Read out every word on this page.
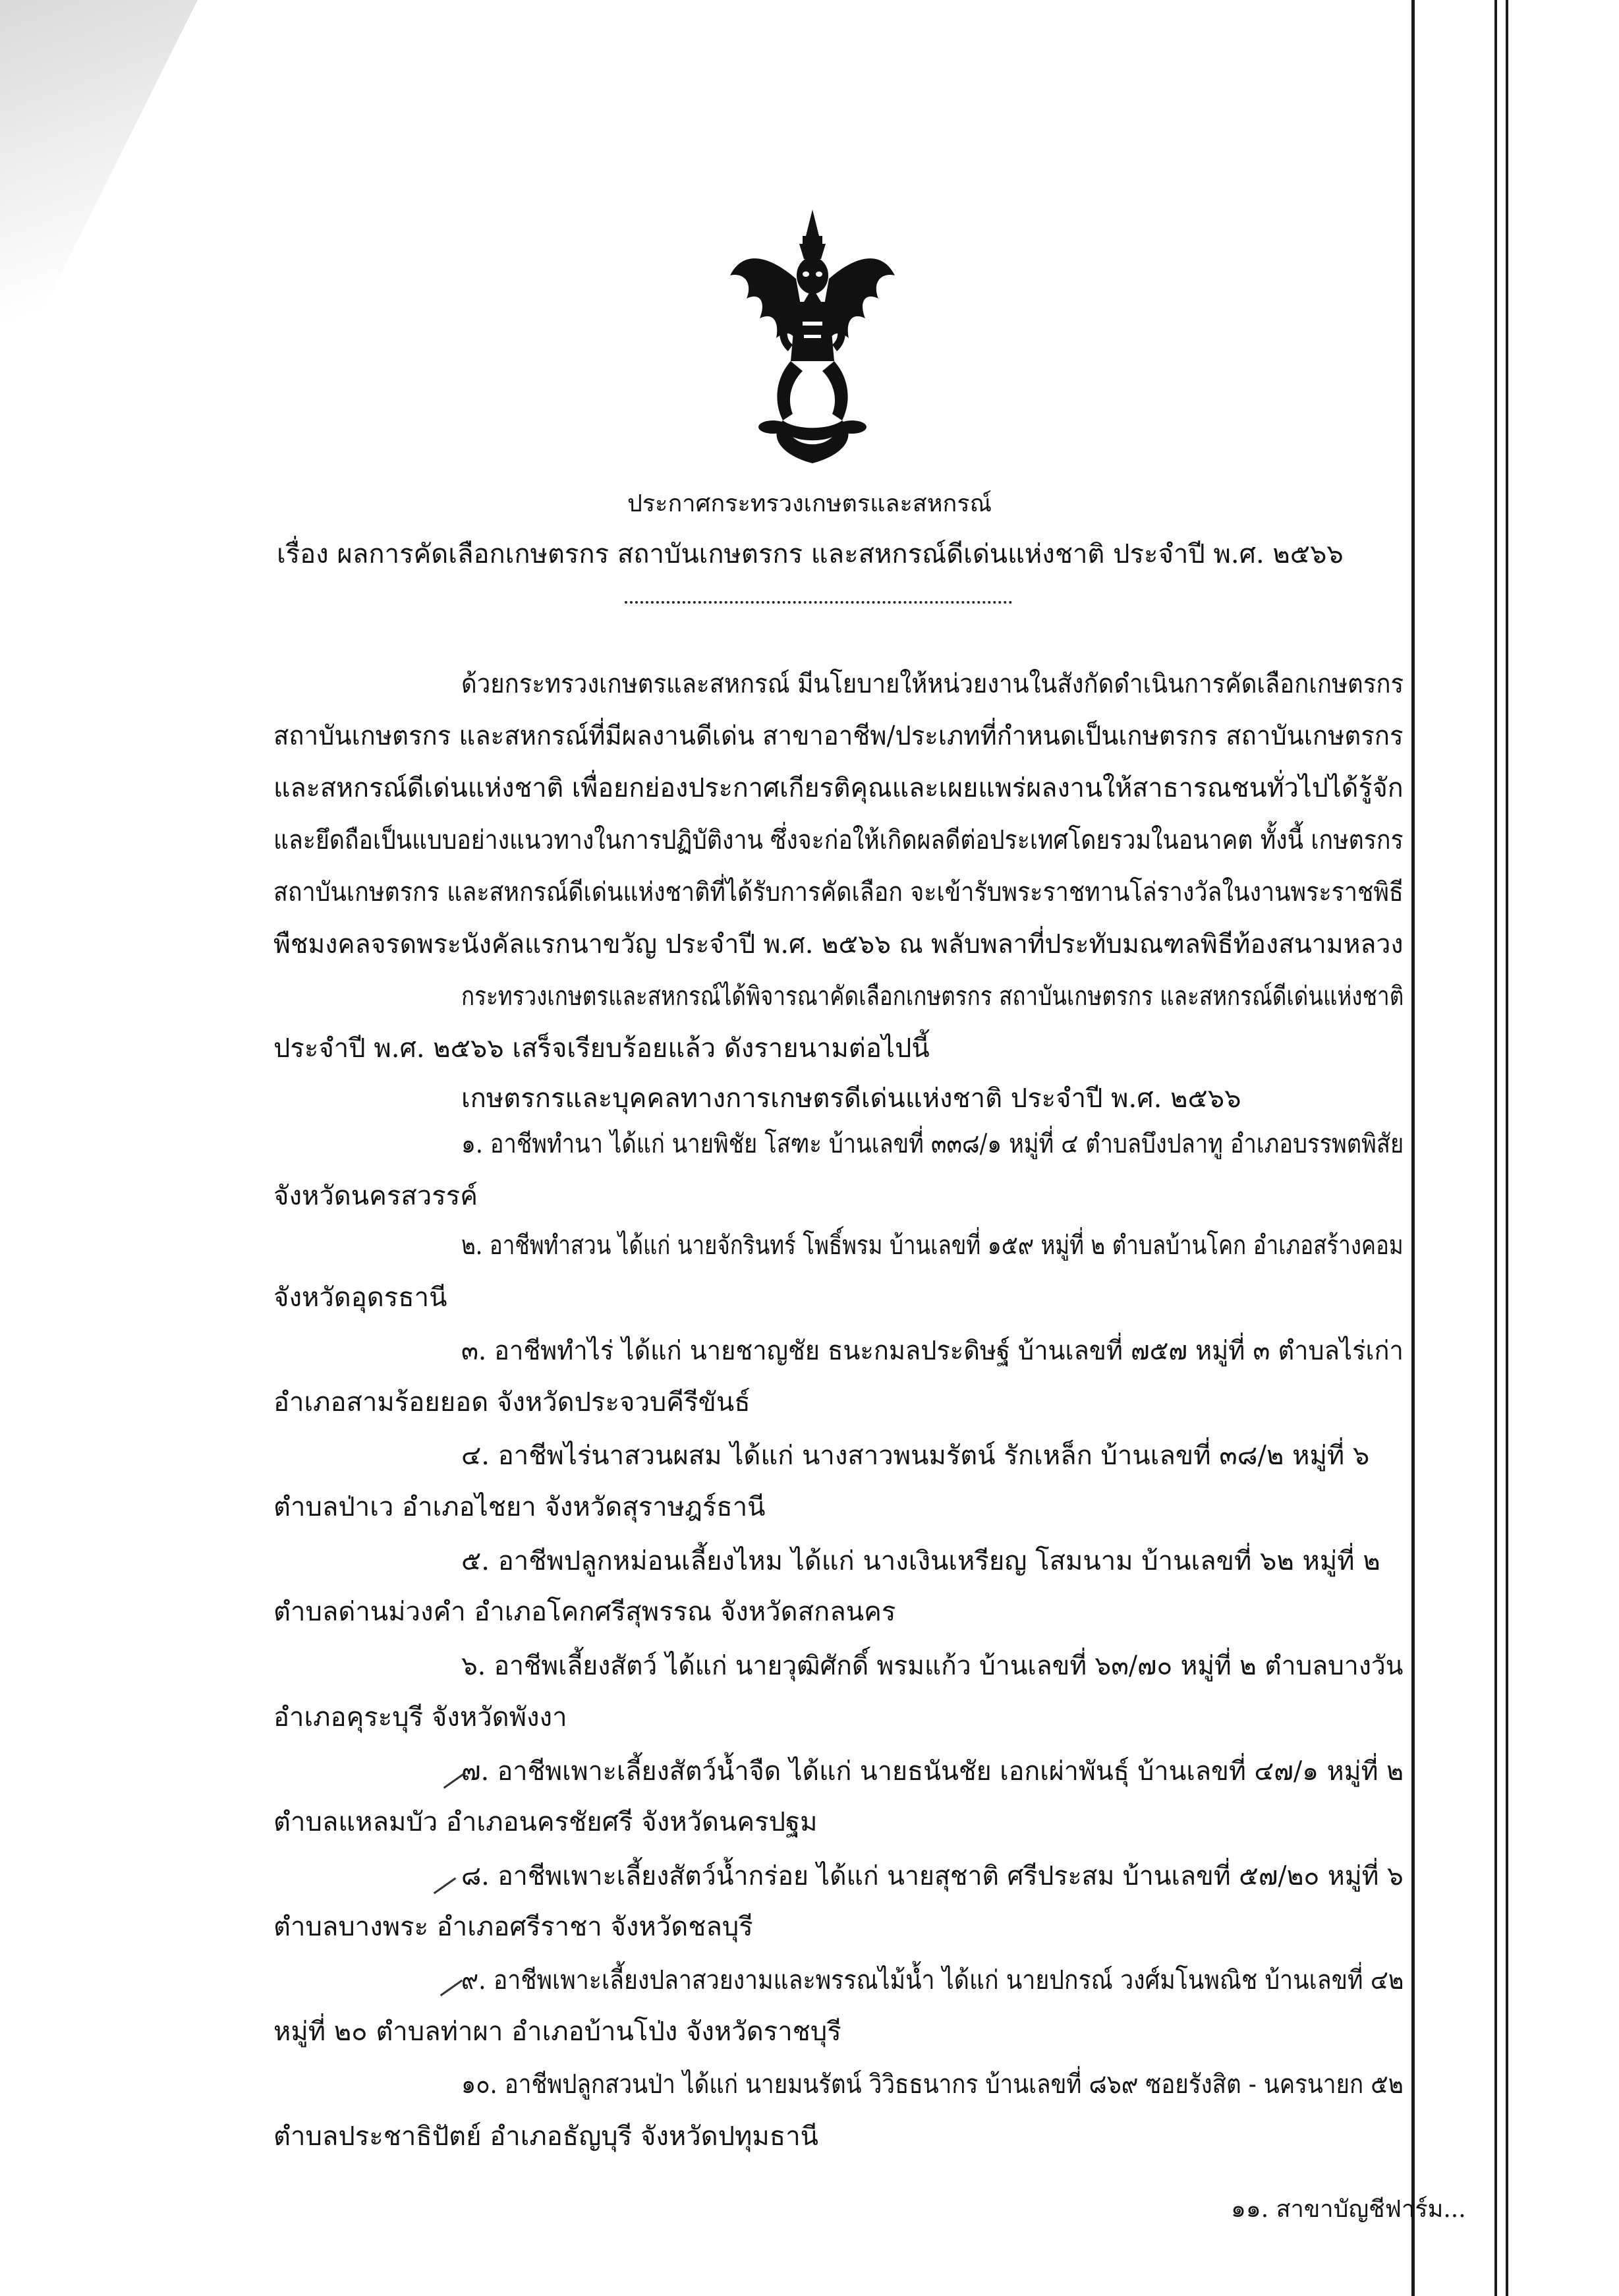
ประกาศกระทรวงเกษตรและสหกรณ์
เรื่อง ผลการคัดเลือกเกษตรกร สถาบันเกษตรกร และสหกรณ์ดีเด่นแห่งชาติ ประจำปี พ.ศ. ๒๕๖๖
ด้วยกระทรวงเกษตรและสหกรณ์ มีนโยบายให้หน่วยงานในสังกัดดำเนินการคัดเลือกเกษตรกร
สถาบันเกษตรกร และสหกรณ์ที่มีผลงานดีเด่น สาขาอาชีพ/ประเภทที่กำหนดเป็นเกษตรกร สถาบันเกษตรกร
และสหกรณ์ดีเด่นแห่งชาติ เพื่อยกย่องประกาศเกียรติคุณและเผยแพร่ผลงานให้สาธารณชนทั่วไปได้รู้จัก
และยึดถือเป็นแบบอย่างแนวทางในการปฏิบัติงาน ซึ่งจะก่อให้เกิดผลดีต่อประเทศโดยรวมในอนาคต ทั้งนี้ เกษตรกร
สถาบันเกษตรกร และสหกรณ์ดีเด่นแห่งชาติที่ได้รับการคัดเลือก จะเข้ารับพระราชทานโล่รางวัลในงานพระราชพิธี
พืชมงคลจรดพระนังคัลแรกนาขวัญ ประจำปี พ.ศ. ๒๕๖๖ ณ พลับพลาที่ประทับมณฑลพิธีท้องสนามหลวง
กระทรวงเกษตรและสหกรณ์ได้พิจารณาคัดเลือกเกษตรกร สถาบันเกษตรกร และสหกรณ์ดีเด่นแห่งชาติ
ประจำปี พ.ศ. ๒๕๖๖ เสร็จเรียบร้อยแล้ว ดังรายนามต่อไปนี้
เกษตรกรและบุคคลทางการเกษตรดีเด่นแห่งชาติ ประจำปี พ.ศ. ๒๕๖๖
๑. อาชีพทำนา ได้แก่ นายพิชัย โสฑะ บ้านเลขที่ ๓๓๘/๑ หมู่ที่ ๔ ตำบลบึงปลาทู อำเภอบรรพตพิสัย
จังหวัดนครสวรรค์
๒. อาชีพทำสวน ได้แก่ นายจักรินทร์ โพธิ์พรม บ้านเลขที่ ๑๕๙ หมู่ที่ ๒ ตำบลบ้านโคก อำเภอสร้างคอม
จังหวัดอุดรธานี
๓. อาชีพทำไร่ ได้แก่ นายชาญชัย ธนะกมลประดิษฐ์ บ้านเลขที่ ๗๕๗ หมู่ที่ ๓ ตำบลไร่เก่า
อำเภอสามร้อยยอด จังหวัดประจวบคีรีขันธ์
๔. อาชีพไร่นาสวนผสม ได้แก่ นางสาวพนมรัตน์ รักเหล็ก บ้านเลขที่ ๓๘/๒ หมู่ที่ ๖
ตำบลป่าเว อำเภอไชยา จังหวัดสุราษฎร์ธานี
๕. อาชีพปลูกหม่อนเลี้ยงไหม ได้แก่ นางเงินเหรียญ โสมนาม บ้านเลขที่ ๖๒ หมู่ที่ ๒
ตำบลด่านม่วงคำ อำเภอโคกศรีสุพรรณ จังหวัดสกลนคร
๖. อาชีพเลี้ยงสัตว์ ได้แก่ นายวุฒิศักดิ์ พรมแก้ว บ้านเลขที่ ๖๓/๗๐ หมู่ที่ ๒ ตำบลบางวัน
อำเภอคุระบุรี จังหวัดพังงา
๗. อาชีพเพาะเลี้ยงสัตว์น้ำจืด ได้แก่ นายธนันชัย เอกเผ่าพันธุ์ บ้านเลขที่ ๔๗/๑ หมู่ที่ ๒
ตำบลแหลมบัว อำเภอนครชัยศรี จังหวัดนครปฐม
๘. อาชีพเพาะเลี้ยงสัตว์น้ำกร่อย ได้แก่ นายสุชาติ ศรีประสม บ้านเลขที่ ๕๗/๒๐ หมู่ที่ ๖
ตำบลบางพระ อำเภอศรีราชา จังหวัดชลบุรี
๙. อาชีพเพาะเลี้ยงปลาสวยงามและพรรณไม้น้ำ ได้แก่ นายปกรณ์ วงศ์มโนพณิช บ้านเลขที่ ๔๒
หมู่ที่ ๒๐ ตำบลท่าผา อำเภอบ้านโป่ง จังหวัดราชบุรี
๑๐. อาชีพปลูกสวนป่า ได้แก่ นายมนรัตน์ วิวิธธนากร บ้านเลขที่ ๘๖๙ ซอยรังสิต - นครนายก ๕๒
ตำบลประชาธิปัตย์ อำเภอธัญบุรี จังหวัดปทุมธานี
๑๑. สาขาบัญชีฟาร์ม...
